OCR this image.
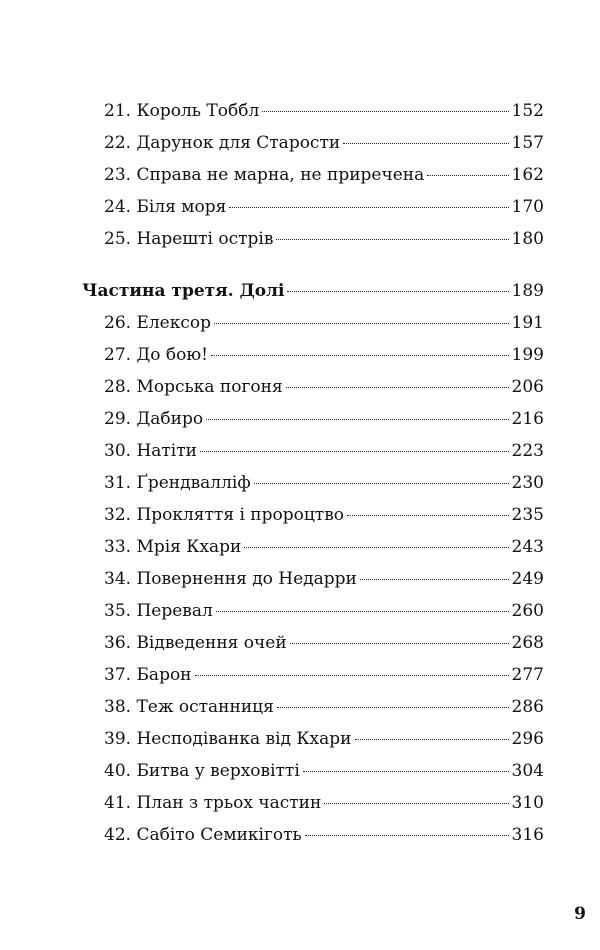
21. Король Тоббл	152
22. Дарунок для Старости	157
23. Справа не марна, не приречена	162
24. Біля моря	170
25. Нарешті острів	180
Частина третя. Долі	189
26. Елексор	191
27. До бою!	199
28. Морська погоня	206
29. Дабиро	216
30. Натіти	223
31. Ґрендвалліф	230
32. Прокляття і пророцтво	235
33. Мрія Кхари	243
34. Повернення до Недарри	249
35. Перевал	260
36. Відведення очей	268
37. Барон	277
38. Теж останниця	286
39. Несподіванка від Кхари	296
40. Битва у верховітті	304
41. План з трьох частин	310
42. Сабіто Семикіготь	316
9
